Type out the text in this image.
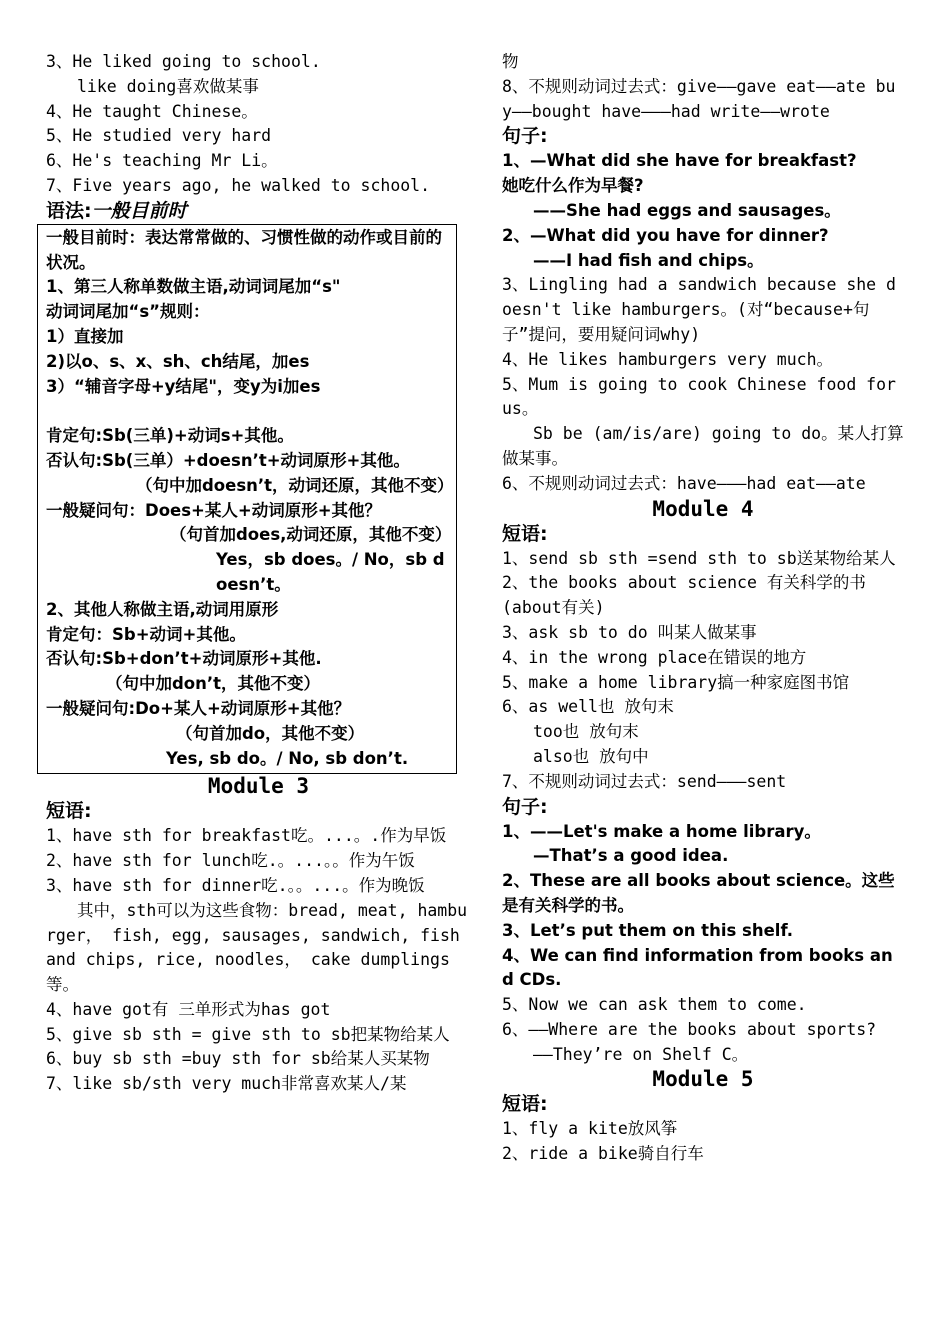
3、He liked going to school.
like doing喜欢做某事
4、He taught Chinese。
5、He studied very hard
6、He's teaching Mr Li。
7、Five years ago, he walked to school.
语法:一般目前时
一般目前时：表达常常做的、习惯性做的动作或目前的状况。
1、第三人称单数做主语,动词词尾加“s"
动词词尾加“s”规则：
1）直接加
2)以o、s、x、sh、ch结尾，加es
3）“辅音字母+y结尾"，变y为i加es
肯定句:Sb(三单)+动词s+其他。
否认句:Sb(三单）+doesn’t+动词原形+其他。
（句中加doesn’t，动词还原，其他不变）
一般疑问句：Does+某人+动词原形+其他？
（句首加does,动词还原，其他不变）
Yes，sb does。/ No，sb doesn’t。
2、其他人称做主语,动词用原形
肯定句：Sb+动词+其他。
否认句:Sb+don’t+动词原形+其他.
（句中加don’t，其他不变）
一般疑问句:Do+某人+动词原形+其他？
（句首加do，其他不变）
Yes, sb do。/ No, sb don’t.
Module 3
短语:
1、have sth for breakfast吃。...。.作为早饭
2、have sth for lunch吃.。...。。作为午饭
3、have sth for dinner吃.。。...。作为晚饭
其中，sth可以为这些食物：bread, meat, hamburger， fish, egg, sausages, sandwich, fish and chips, rice, noodles， cake dumplings等。
4、have got有 三单形式为has got
5、give sb sth = give sth to sb把某物给某人
6、buy sb sth =buy sth for sb给某人买某物
7、like sb/sth very much非常喜欢某人/某
物
8、不规则动词过去式：give——gave eat——ate buy——bought have———had write——wrote
句子:
1、—What did she have for breakfast?
她吃什么作为早餐?
——She had eggs and sausages。
2、—What did you have for dinner?
——I had fish and chips。
3、Lingling had a sandwich because she doesn't like hamburgers。(对“because+句子”提问，要用疑问词why)
4、He likes hamburgers very much。
5、Mum is going to cook Chinese food for us。
Sb be (am/is/are) going to do。某人打算做某事。
6、不规则动词过去式：have———had eat——ate
Module 4
短语:
1、send sb sth =send sth to sb送某物给某人
2、the books about science 有关科学的书
(about有关)
3、ask sb to do 叫某人做某事
4、in the wrong place在错误的地方
5、make a home library搞一种家庭图书馆
6、as well也 放句末
too也 放句末
also也 放句中
7、不规则动词过去式：send———sent
句子:
1、——Let's make a home library。
—That’s a good idea.
2、These are all books about science。这些是有关科学的书。
3、Let’s put them on this shelf.
4、We can find information from books and CDs.
5、Now we can ask them to come.
6、——Where are the books about sports?
——They’re on Shelf C。
Module 5
短语:
1、fly a kite放风筝
2、ride a bike骑自行车
